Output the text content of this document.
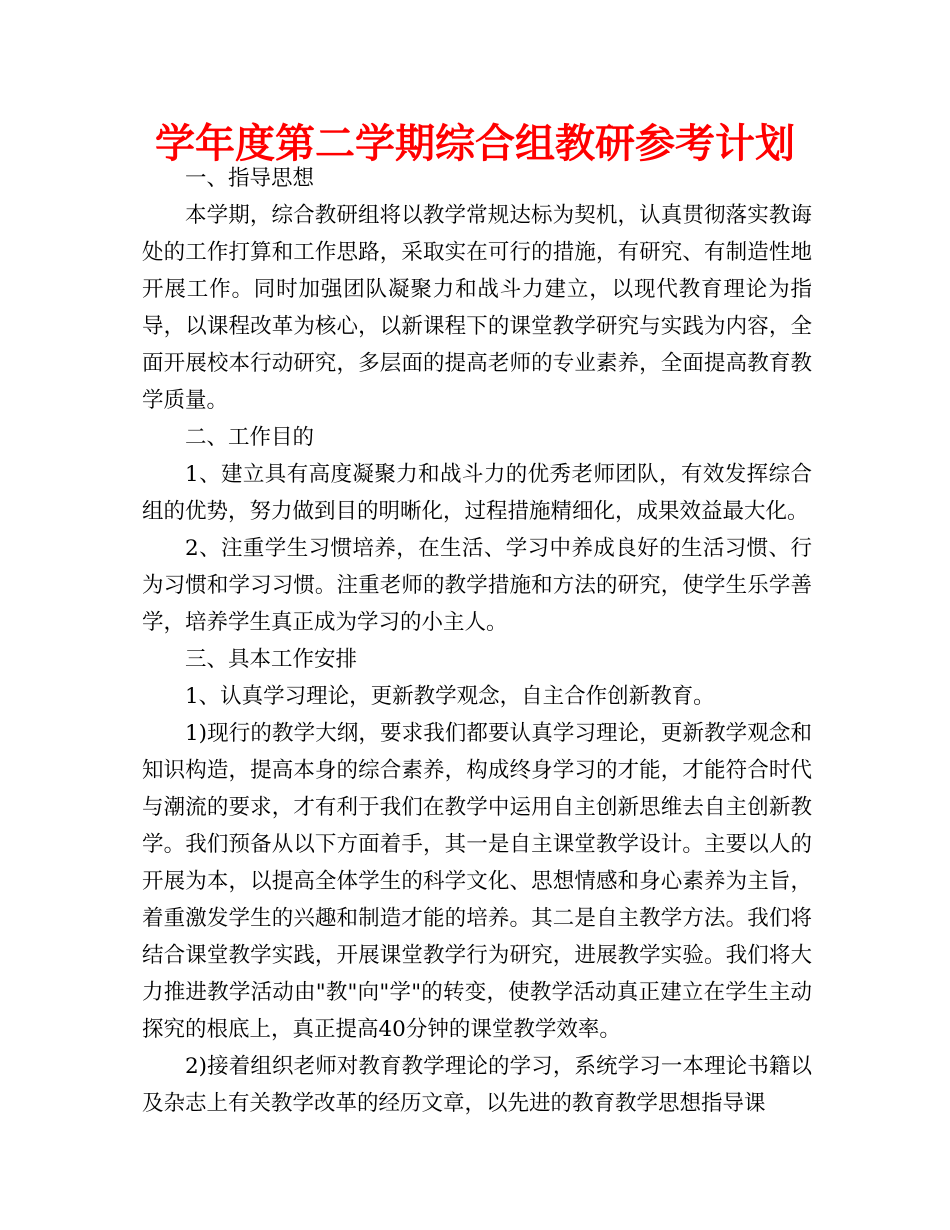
学年度第二学期综合组教研参考计划

一、指导思想

本学期，综合教研组将以教学常规达标为契机，认真贯彻落实教诲处的工作打算和工作思路，采取实在可行的措施，有研究、有制造性地开展工作。同时加强团队凝聚力和战斗力建立，以现代教育理论为指导，以课程改革为核心，以新课程下的课堂教学研究与实践为内容，全面开展校本行动研究，多层面的提高老师的专业素养，全面提高教育教学质量。

二、工作目的

1、建立具有高度凝聚力和战斗力的优秀老师团队，有效发挥综合组的优势，努力做到目的明晰化，过程措施精细化，成果效益最大化。

2、注重学生习惯培养，在生活、学习中养成良好的生活习惯、行为习惯和学习习惯。注重老师的教学措施和方法的研究，使学生乐学善学，培养学生真正成为学习的小主人。

三、具本工作安排

1、认真学习理论，更新教学观念，自主合作创新教育。

1)现行的教学大纲，要求我们都要认真学习理论，更新教学观念和知识构造，提高本身的综合素养，构成终身学习的才能，才能符合时代与潮流的要求，才有利于我们在教学中运用自主创新思维去自主创新教学。我们预备从以下方面着手，其一是自主课堂教学设计。主要以人的开展为本，以提高全体学生的科学文化、思想情感和身心素养为主旨，着重激发学生的兴趣和制造才能的培养。其二是自主教学方法。我们将结合课堂教学实践，开展课堂教学行为研究，进展教学实验。我们将大力推进教学活动由"教"向"学"的转变，使教学活动真正建立在学生主动探究的根底上，真正提高40分钟的课堂教学效率。

2)接着组织老师对教育教学理论的学习，系统学习一本理论书籍以及杂志上有关教学改革的经历文章，以先进的教育教学思想指导课
